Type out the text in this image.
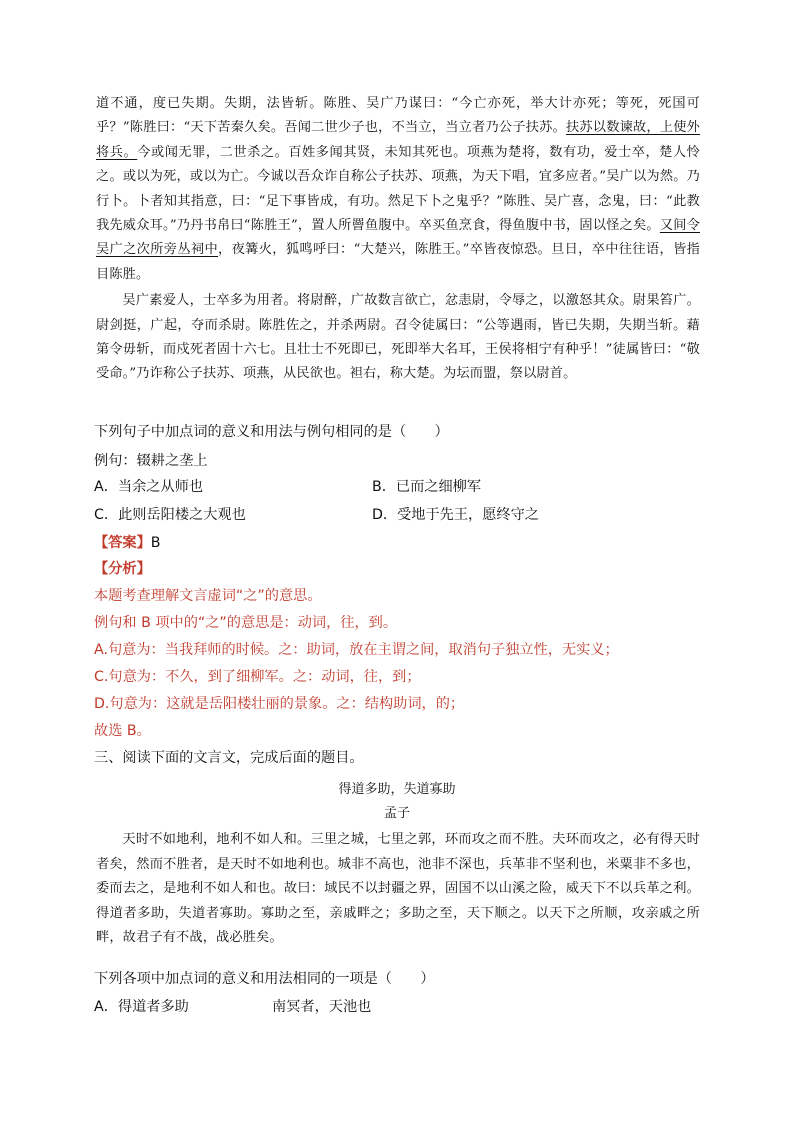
道不通，度已失期。失期，法皆斩。陈胜、吴广乃谋曰：“今亡亦死，举大计亦死；等死，死国可乎？”陈胜曰：“天下苦秦久矣。吾闻二世少子也，不当立，当立者乃公子扶苏。扶苏以数谏故，上使外将兵。今或闻无罪，二世杀之。百姓多闻其贤，未知其死也。项燕为楚将，数有功，爱士卒，楚人怜之。或以为死，或以为亡。今诚以吾众诈自称公子扶苏、项燕，为天下唱，宜多应者。”吴广以为然。乃行卜。卜者知其指意，曰：“足下事皆成，有功。然足下卜之鬼乎？”陈胜、吴广喜，念鬼，曰：“此教我先威众耳。”乃丹书帛曰“陈胜王”，置人所罾鱼腹中。卒买鱼烹食，得鱼腹中书，固以怪之矣。又间令吴广之次所旁丛祠中，夜篝火，狐鸣呼曰：“大楚兴，陈胜王。”卒皆夜惊恐。旦日，卒中往往语，皆指目陈胜。

吴广素爱人，士卒多为用者。将尉醉，广故数言欲亡，忿恚尉，令辱之，以激怒其众。尉果笞广。尉剑挺，广起，夺而杀尉。陈胜佐之，并杀两尉。召令徒属曰：“公等遇雨，皆已失期，失期当斩。藉第令毋斩，而戍死者固十六七。且壮士不死即已，死即举大名耳，王侯将相宁有种乎！”徒属皆曰：“敬受命。”乃诈称公子扶苏、项燕，从民欲也。袒右，称大楚。为坛而盟，祭以尉首。

下列句子中加点词的意义和用法与例句相同的是（　　）
例句：辍耕之垄上
A．当余之从师也	B．已而之细柳军
C．此则岳阳楼之大观也	D．受地于先王，愿终守之
【答案】B
【分析】
本题考查理解文言虚词“之”的意思。
例句和 B 项中的“之”的意思是：动词，往，到。
A.句意为：当我拜师的时候。之：助词，放在主谓之间，取消句子独立性，无实义；
C.句意为：不久，到了细柳军。之：动词，往，到；
D.句意为：这就是岳阳楼壮丽的景象。之：结构助词，的；
故选 B。
三、阅读下面的文言文，完成后面的题目。
得道多助，失道寡助
孟子
天时不如地利，地利不如人和。三里之城，七里之郭，环而攻之而不胜。夫环而攻之，必有得天时者矣，然而不胜者，是天时不如地利也。城非不高也，池非不深也，兵革非不坚利也，米粟非不多也，委而去之，是地利不如人和也。故曰：域民不以封疆之界，固国不以山溪之险，威天下不以兵革之利。得道者多助，失道者寡助。寡助之至，亲戚畔之；多助之至，天下顺之。以天下之所顺，攻亲戚之所畔，故君子有不战，战必胜矣。
下列各项中加点词的意义和用法相同的一项是（　　）
A．得道者多助	南冥者，天池也
